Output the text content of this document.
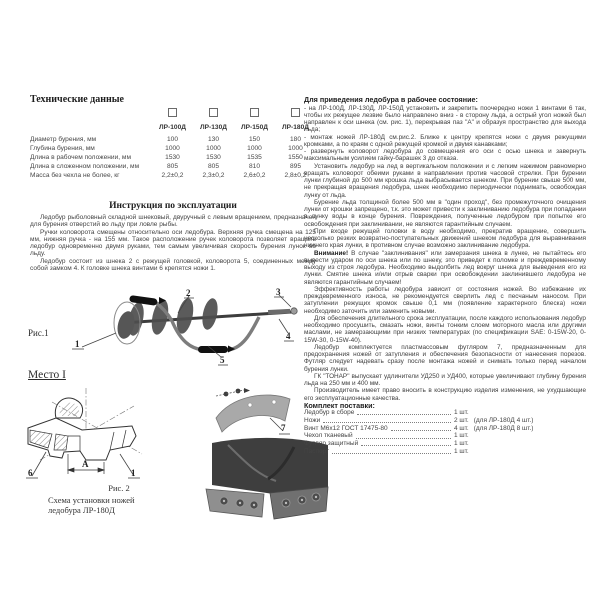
Технические данные
ЛР-100Д	ЛР-130Д	ЛР-150Д	ЛР-180Д
Диаметр бурения, мм	100	130	150	180
Глубина бурения, мм	1000	1000	1000	1000
Длина в рабочем положении, мм	1530	1530	1535	1550
Длина в сложенном положении, мм	805	805	810	895
Масса без чехла не более, кг	2,2±0,2	2,3±0,2	2,6±0,2	2,8±0,2
Инструкция по эксплуатации

Ледобур рыболовный складной шнековый, двуручный с левым вращением, предназначен для бурения отверстий во льду при ловле рыбы.

Ручки коловорота смещены относительно оси ледобура. Верхняя ручка смещена на 125 мм, нижняя ручка - на 155 мм. Такое расположение ручек коловорота позволяет вращать ледобур одновременно двумя руками, тем самым увеличивая скорость бурения лунок во льду.

Ледобур состоит из шнека 2 с режущей головкой, коловорота 5, соединенных между собой замком 4. К головке шнека винтами 6 крепятся ножи 1.

1
2	3
4
5
Рис.1
Место I
А
6	1

Рис. 2

Схема установки ножей

ледобура ЛР-180Д

7

Для приведения ледобура в рабочее состояние:

- на ЛР-100Д, ЛР-130Д, ЛР-150Д установить и закрепить поочередно ножи 1 винтами 6 так, чтобы их режущее лезвие было направлено вниз - в сторону льда, а острый угол ножей был направлен к оси шнека (см. рис. 1), перекрывая паз "А" и образуя пространство для выхода льда;

- монтаж ножей ЛР-180Д см.рис.2. Ближе к центру крепятся ножи с двумя режущими кромками, а по краям с одной режущей кромкой и двумя канавками;

- развернуть коловорот ледобура до совмещения его оси с осью шнека и завернуть максимальным усилием гайку-барашек 3 до отказа.

Установить ледобур на лед в вертикальном положении и с легким нажимом равномерно вращать коловорот обеими руками в направлении против часовой стрелки. При бурении лунки глубиной до 500 мм крошка льда выбрасывается шнеком. При бурении свыше 500 мм, не прекращая вращения ледобура, шнек необходимо периодически поднимать, освобождая лунку от льда.

Бурение льда толщиной более 500 мм в "один проход", без промежуточного очищения лунки от крошки запрещено, т.к. это может привести к заклиниванию ледобура при попадании в лунку воды в конце бурения. Повреждения, полученные ледобуром при попытке его освобождения при заклинивании, не являются гарантийным случаем.

При входе режущей головки в воду необходимо, прекратив вращение, совершить несколько резких возвратно-поступательных движений шнеком ледобура для выравнивания нижнего края лунки, в противном случае возможно заклинивание ледобура.

Внимание! В случае "заклинивания" или замерзания шнека в лунке, не пытайтесь его вывести ударом по оси шнека или по шнеку, это приведет к поломке и преждевременному выходу из строя ледобура. Необходимо выдолбить лед вокруг шнека для выведения его из лунки. Смятие шнека и/или отрыв сварки при освобождении заклинившего ледобура не являются гарантийным случаем!

Эффективность работы ледобура зависит от состояния ножей. Во избежание их преждевременного износа, не рекомендуется сверлить лед с песчаным наносом. При затуплении режущих кромок свыше 0,1 мм (появление характерного блеска) ножи необходимо заточить или заменить новыми.

Для обеспечения длительного срока эксплуатации, после каждого использования ледобур необходимо просушить, смазать ножи, винты тонким слоем моторного масла или другими маслами, не замерзающими при низких температурах (по спецификации SAE: 0-15W-20, 0-15W-30, 0-15W-40).

Ледобур комплектуется пластмассовым футляром 7, предназначенным для предохранения ножей от затупления и обеспечения безопасности от нанесения порезов. Футляр следует надевать сразу после монтажа ножей и снимать только перед началом бурения лунки.

ГК "ТОНАР" выпускает удлинители УД250 и УД400, которые увеличивают глубину бурения льда на 250 мм и 400 мм.

Производитель имеет право вносить в конструкцию изделия изменения, не ухудшающие его эксплуатационные качества.

Комплект поставки:

Ледобур в сборе	1 шт.
Ножи	2 шт. (для ЛР-180Д 4 шт.)
Винт М6х12 ГОСТ 17475-80	4 шт. (для ЛР-180Д 8 шт.)
Чехол тканевый	1 шт.
Футляр защитный	1 шт.
Паспорт	1 шт.
